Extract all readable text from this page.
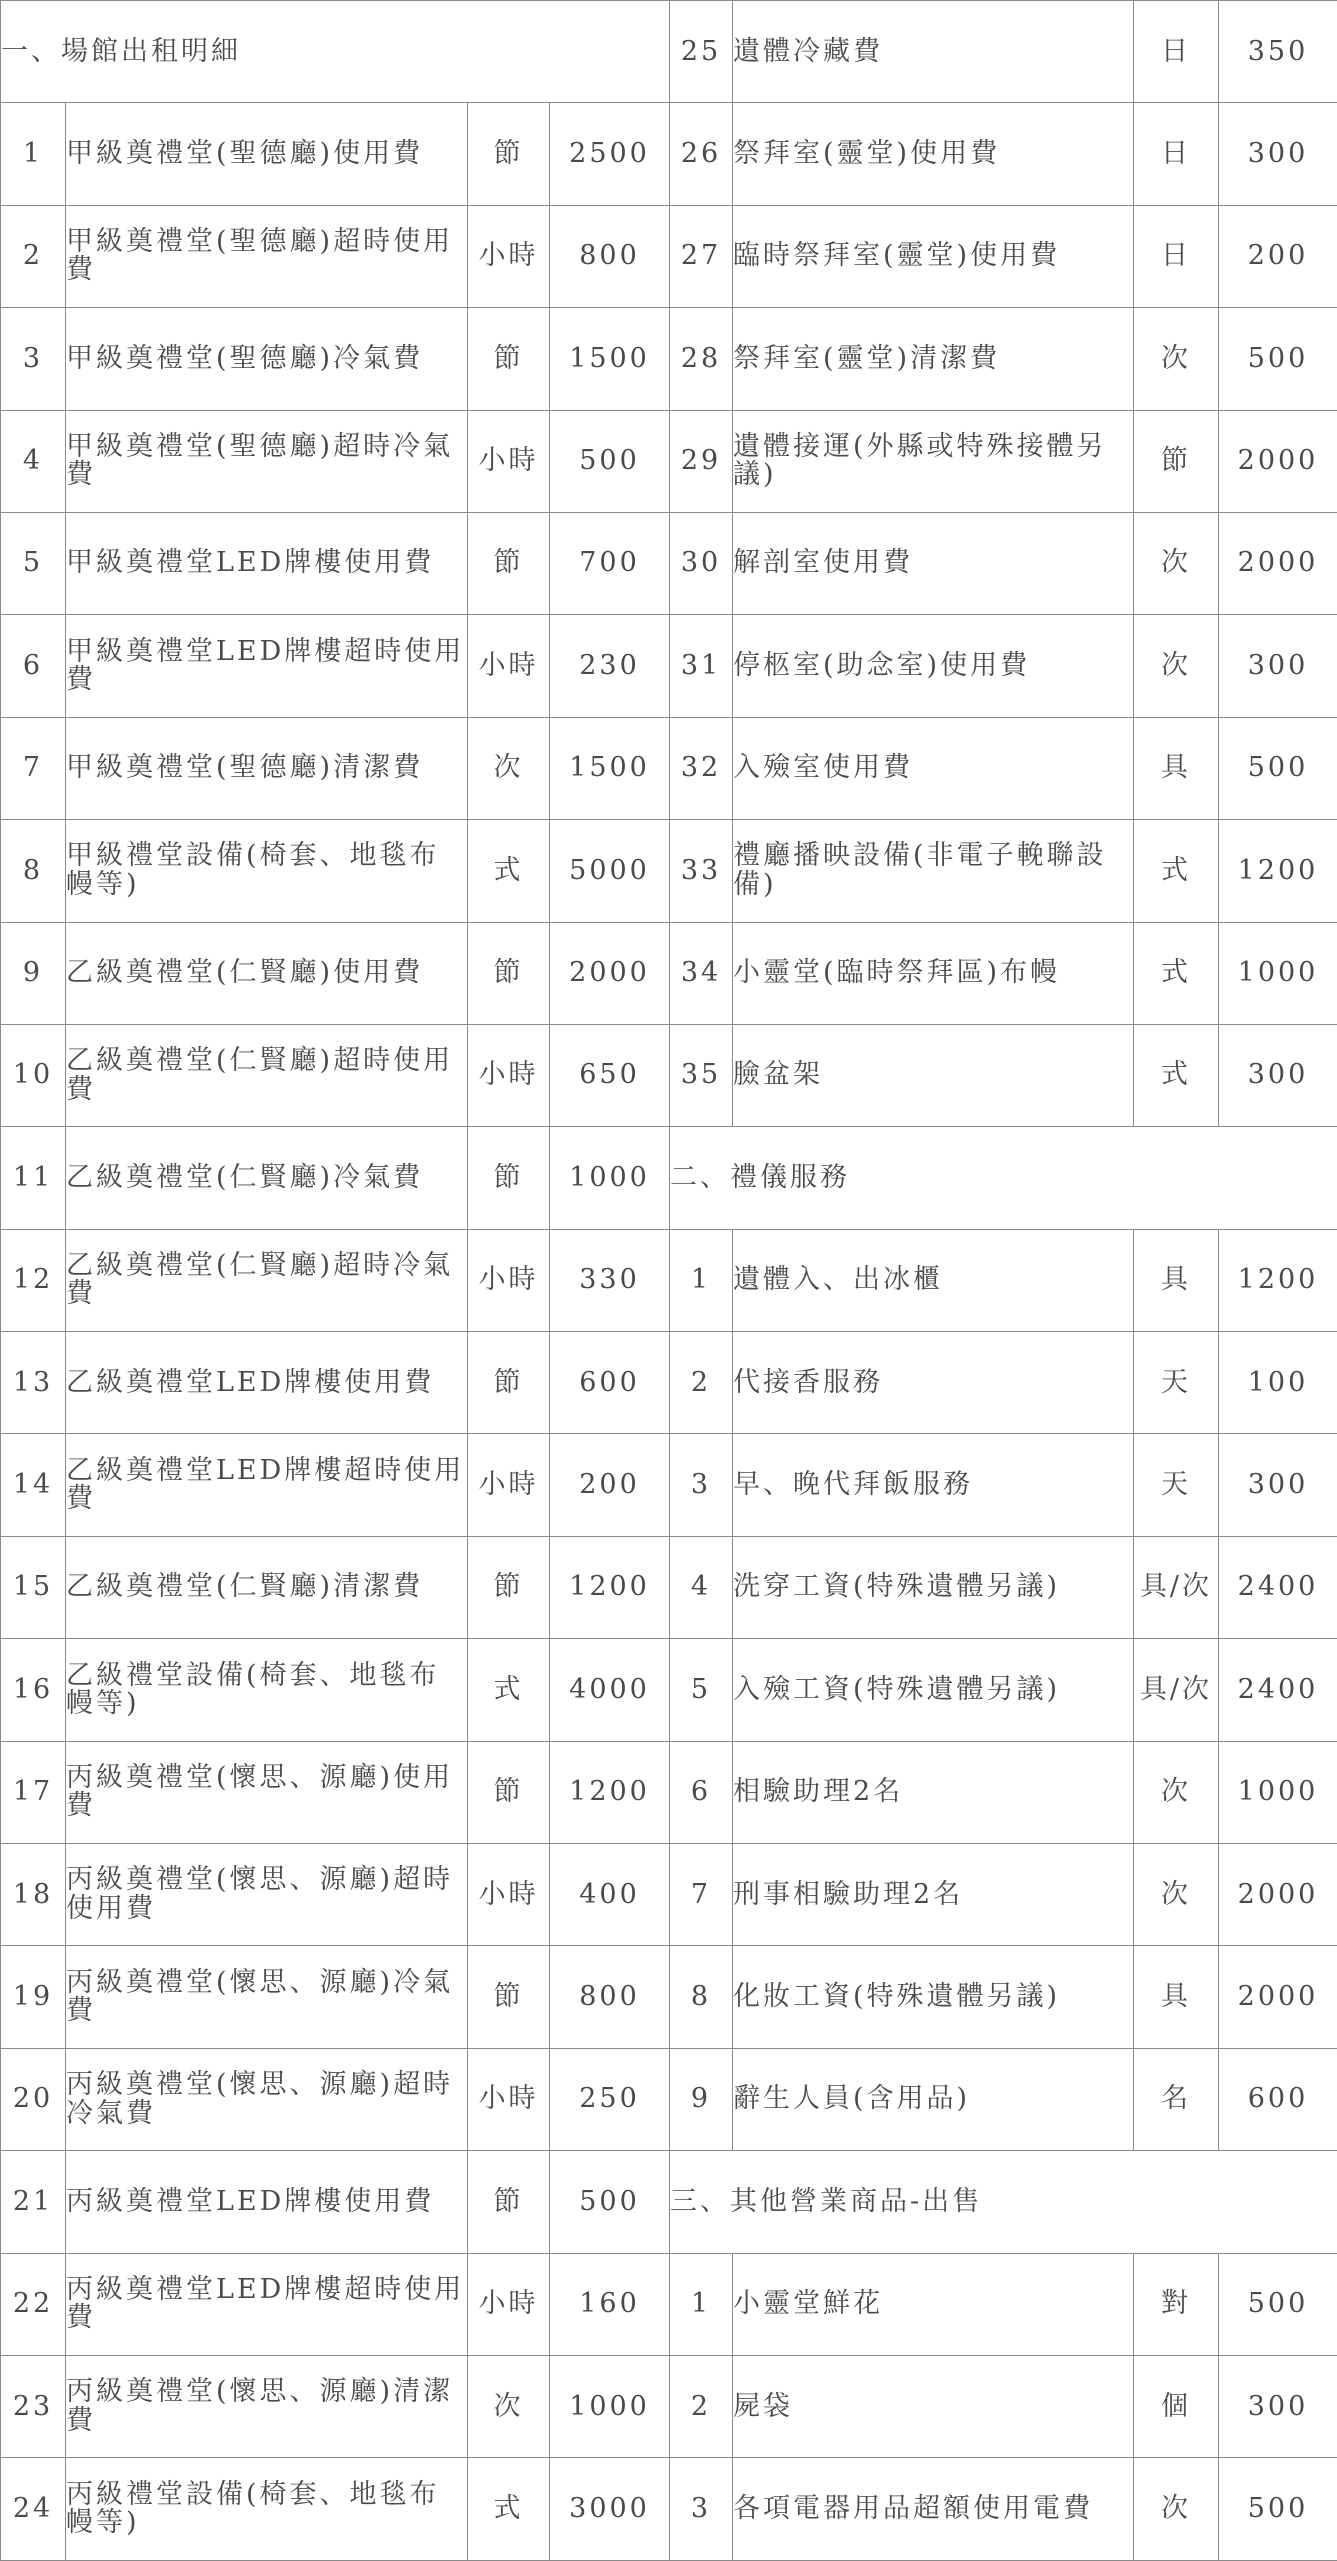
一、場館出租明細				25	遺體冷藏費	日	350
1	甲級奠禮堂(聖德廳)使用費	節	2500	26	祭拜室(靈堂)使用費	日	300
2	甲級奠禮堂(聖德廳)超時使用費	小時	800	27	臨時祭拜室(靈堂)使用費	日	200
3	甲級奠禮堂(聖德廳)冷氣費	節	1500	28	祭拜室(靈堂)清潔費	次	500
4	甲級奠禮堂(聖德廳)超時冷氣費	小時	500	29	遺體接運(外縣或特殊接體另議)	節	2000
5	甲級奠禮堂LED牌樓使用費	節	700	30	解剖室使用費	次	2000
6	甲級奠禮堂LED牌樓超時使用費	小時	230	31	停柩室(助念室)使用費	次	300
7	甲級奠禮堂(聖德廳)清潔費	次	1500	32	入殮室使用費	具	500
8	甲級禮堂設備(椅套、地毯布幔等)	式	5000	33	禮廳播映設備(非電子輓聯設備)	式	1200
9	乙級奠禮堂(仁賢廳)使用費	節	2000	34	小靈堂(臨時祭拜區)布幔	式	1000
10	乙級奠禮堂(仁賢廳)超時使用費	小時	650	35	臉盆架	式	300
11	乙級奠禮堂(仁賢廳)冷氣費	節	1000	二、禮儀服務			
12	乙級奠禮堂(仁賢廳)超時冷氣費	小時	330	1	遺體入、出冰櫃	具	1200
13	乙級奠禮堂LED牌樓使用費	節	600	2	代接香服務	天	100
14	乙級奠禮堂LED牌樓超時使用費	小時	200	3	早、晚代拜飯服務	天	300
15	乙級奠禮堂(仁賢廳)清潔費	節	1200	4	洗穿工資(特殊遺體另議)	具/次	2400
16	乙級禮堂設備(椅套、地毯布幔等)	式	4000	5	入殮工資(特殊遺體另議)	具/次	2400
17	丙級奠禮堂(懷思、源廳)使用費	節	1200	6	相驗助理2名	次	1000
18	丙級奠禮堂(懷思、源廳)超時使用費	小時	400	7	刑事相驗助理2名	次	2000
19	丙級奠禮堂(懷思、源廳)冷氣費	節	800	8	化妝工資(特殊遺體另議)	具	2000
20	丙級奠禮堂(懷思、源廳)超時冷氣費	小時	250	9	辭生人員(含用品)	名	600
21	丙級奠禮堂LED牌樓使用費	節	500	三、其他營業商品-出售			
22	丙級奠禮堂LED牌樓超時使用費	小時	160	1	小靈堂鮮花	對	500
23	丙級奠禮堂(懷思、源廳)清潔費	次	1000	2	屍袋	個	300
24	丙級禮堂設備(椅套、地毯布幔等)	式	3000	3	各項電器用品超額使用電費	次	500
